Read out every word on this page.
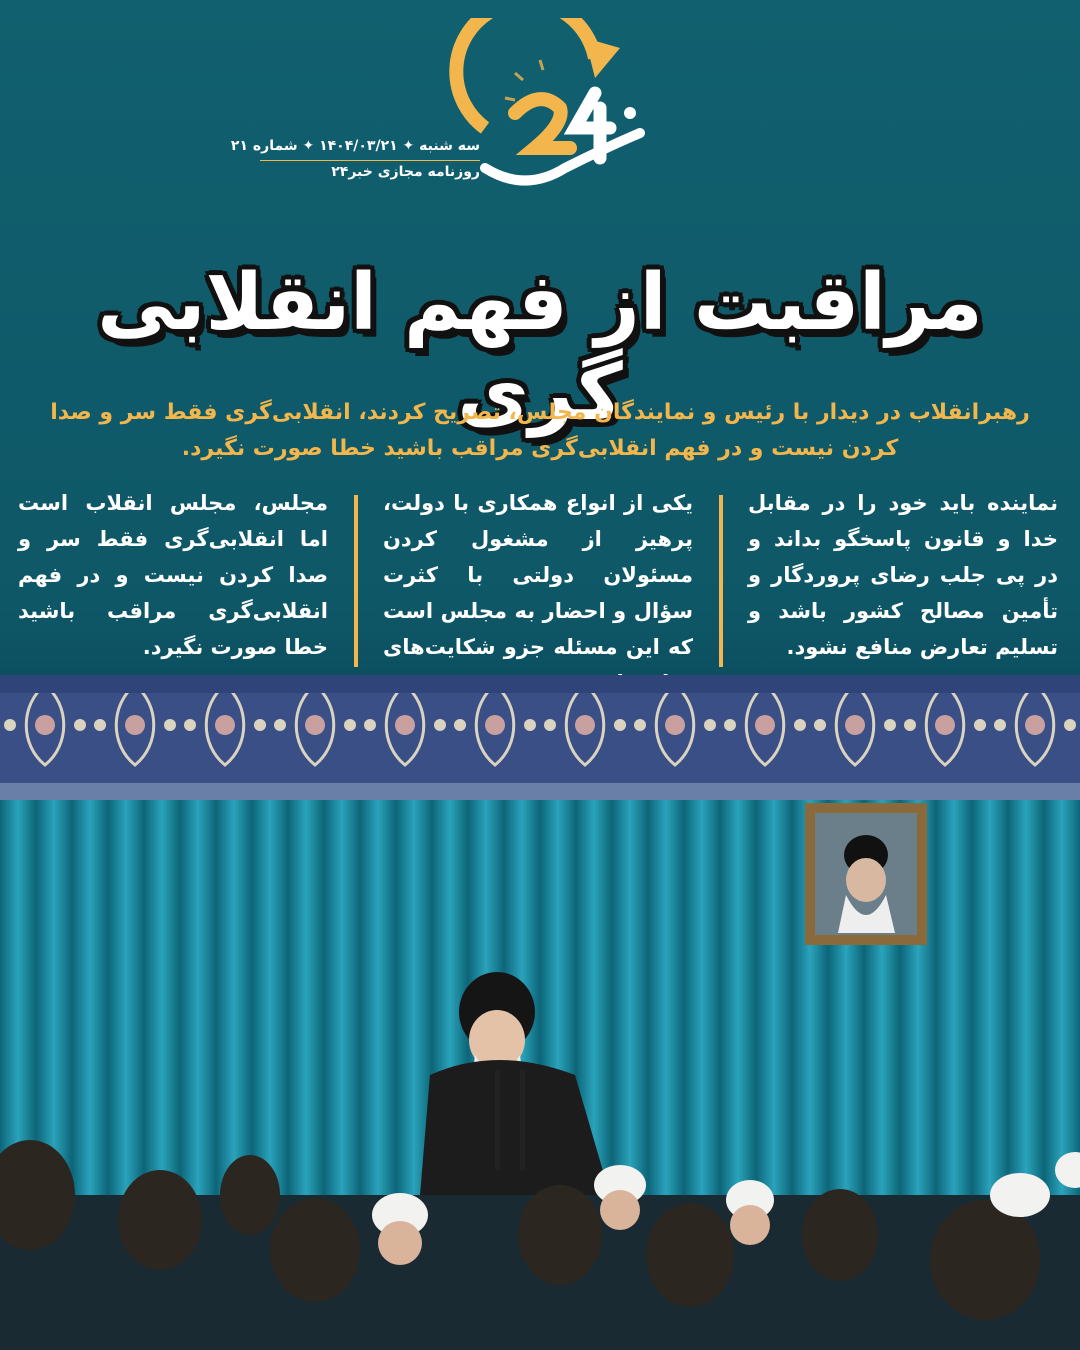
سه شنبه ✦ ۱۴۰۴/۰۳/۲۱ ✦ شماره ۲۱
روزنامه مجازی خبر۲۴
مراقبت از فهم انقلابی گری
رهبرانقلاب در دیدار با رئیس و نمایندگان مجلس، تصریح کردند، انقلابی‌گری فقط سر و صدا کردن نیست و در فهم انقلابی‌گری مراقب باشید خطا صورت نگیرد.
نماینده باید خود را در مقابل خدا و قانون پاسخگو بداند و در پی جلب رضای پروردگار و تأمین مصالح کشور باشد و تسلیم تعارض منافع نشود.
یکی از انواع همکاری با دولت، پرهیز از مشغول کردن مسئولان دولتی با کثرت سؤال و احضار به مجلس است که این مسئله جزو شکایت‌های
مجلس، مجلس انقلاب است اما انقلابی‌گری فقط سر و صدا کردن نیست و در فهم انقلابی‌گری مراقب باشید خطا صورت نگیرد.
